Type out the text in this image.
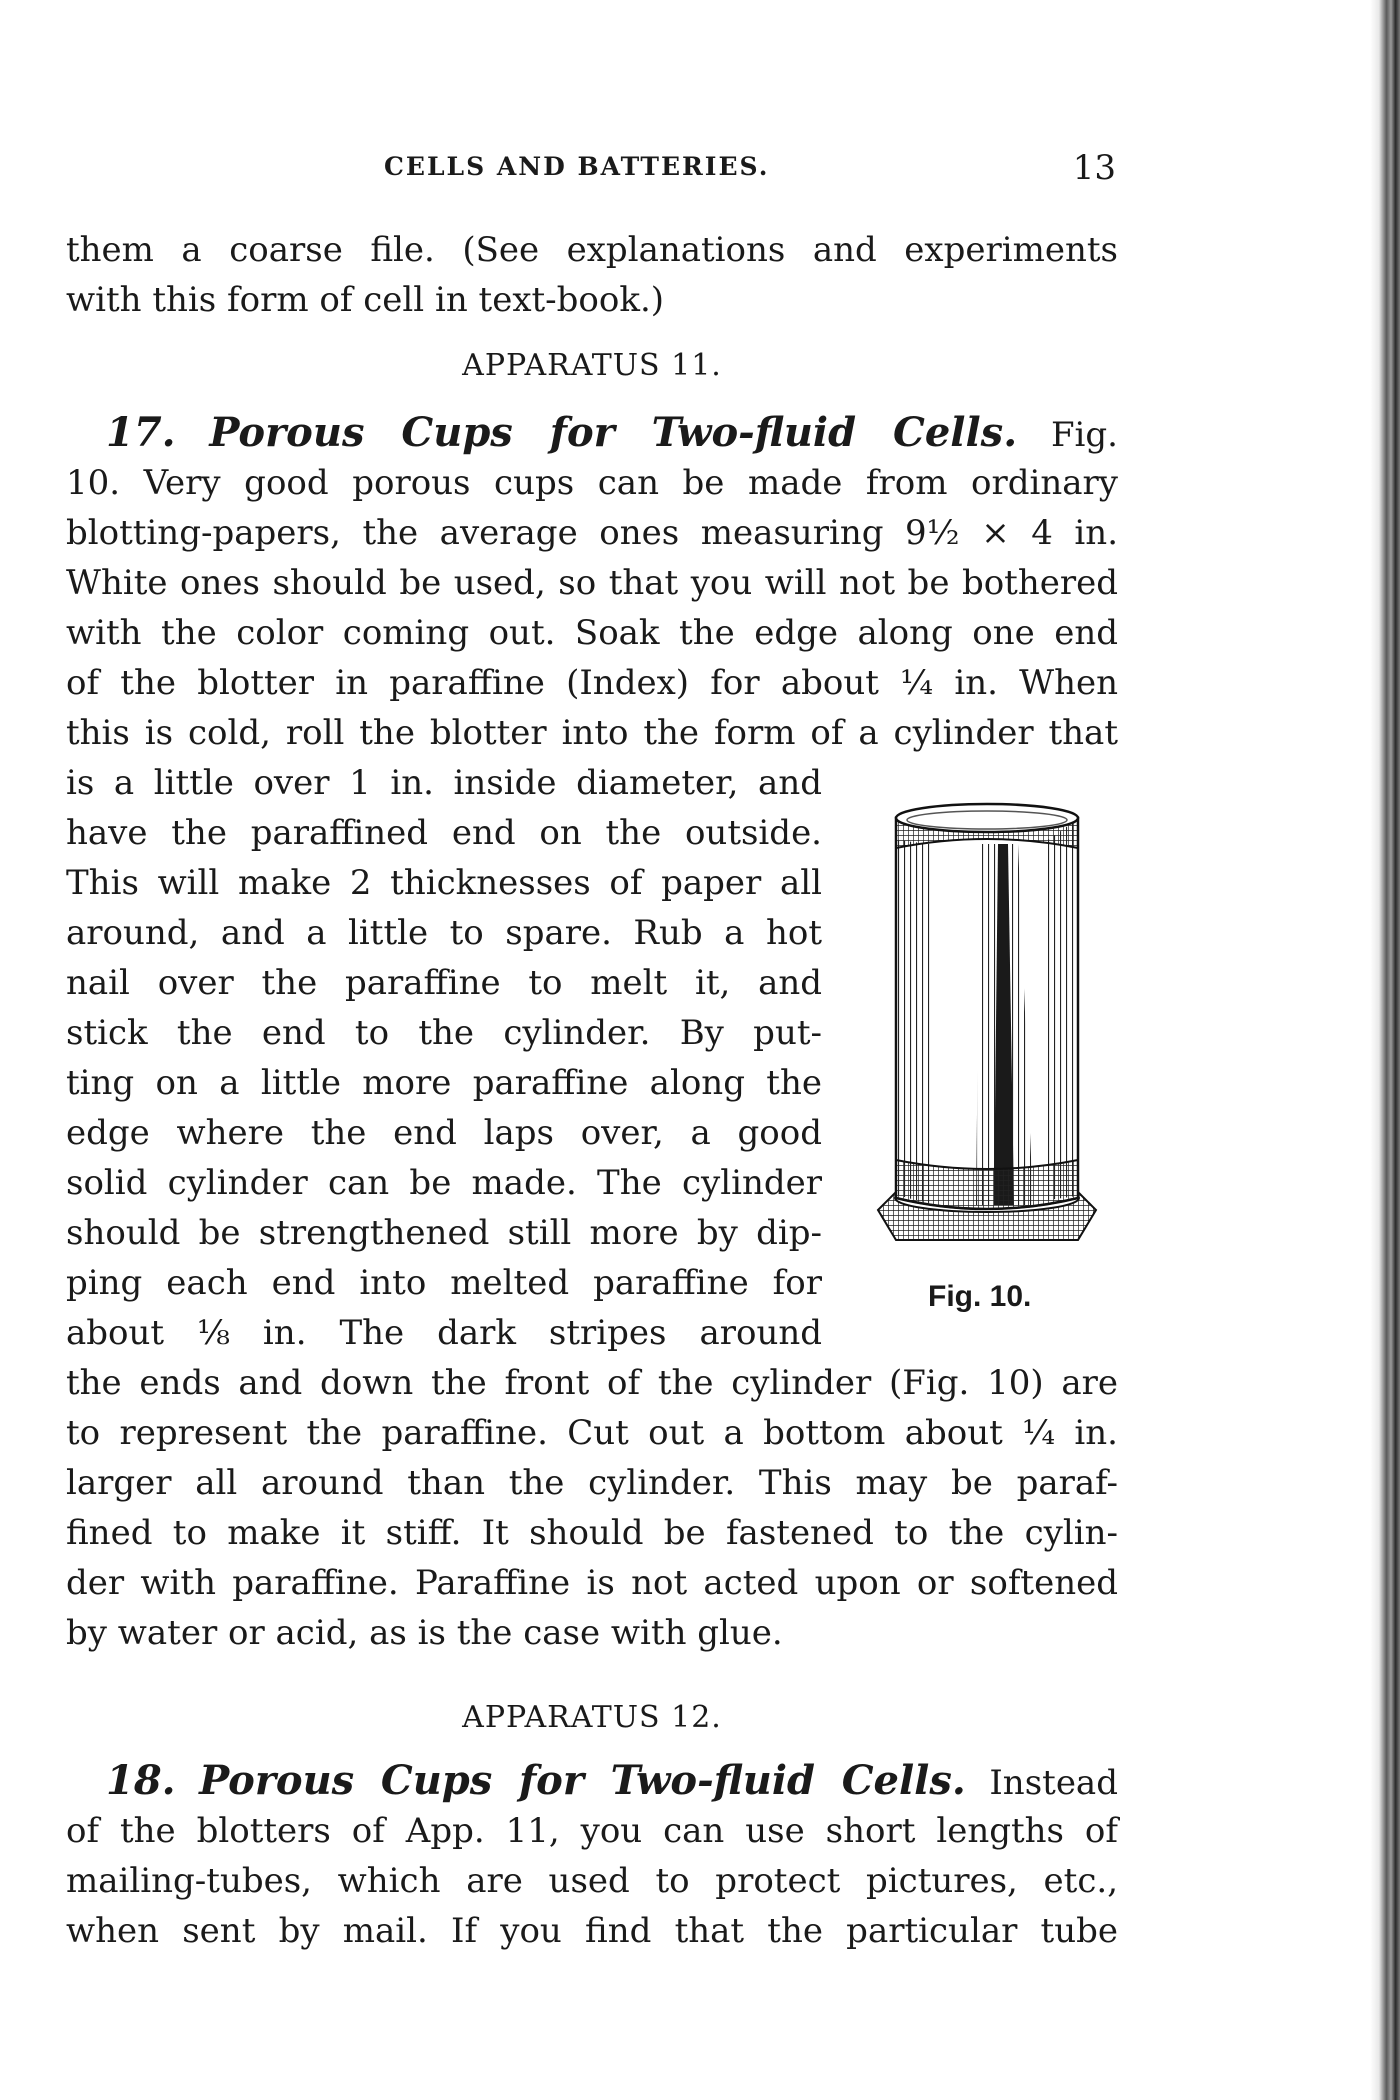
CELLS AND BATTERIES.	13
them a coarse file. (See explanations and experiments
with this form of cell in text-book.)
APPARATUS 11.
17. Porous Cups for Two-fluid Cells. Fig.
10. Very good porous cups can be made from ordinary
blotting-papers, the average ones measuring 9½ × 4 in.
White ones should be used, so that you will not be bothered
with the color coming out. Soak the edge along one end
of the blotter in paraffine (Index) for about ¼ in. When
this is cold, roll the blotter into the form of a cylinder that
is a little over 1 in. inside diameter, and
have the paraffined end on the outside.
This will make 2 thicknesses of paper all
around, and a little to spare. Rub a hot
nail over the paraffine to melt it, and
stick the end to the cylinder. By put-
ting on a little more paraffine along the
edge where the end laps over, a good
solid cylinder can be made. The cylinder
should be strengthened still more by dip-
ping each end into melted paraffine for
about ⅛ in. The dark stripes around
Fig. 10.
the ends and down the front of the cylinder (Fig. 10) are
to represent the paraffine. Cut out a bottom about ¼ in.
larger all around than the cylinder. This may be paraf-
fined to make it stiff. It should be fastened to the cylin-
der with paraffine. Paraffine is not acted upon or softened
by water or acid, as is the case with glue.
APPARATUS 12.
18. Porous Cups for Two-fluid Cells. Instead
of the blotters of App. 11, you can use short lengths of
mailing-tubes, which are used to protect pictures, etc.,
when sent by mail. If you find that the particular tube
